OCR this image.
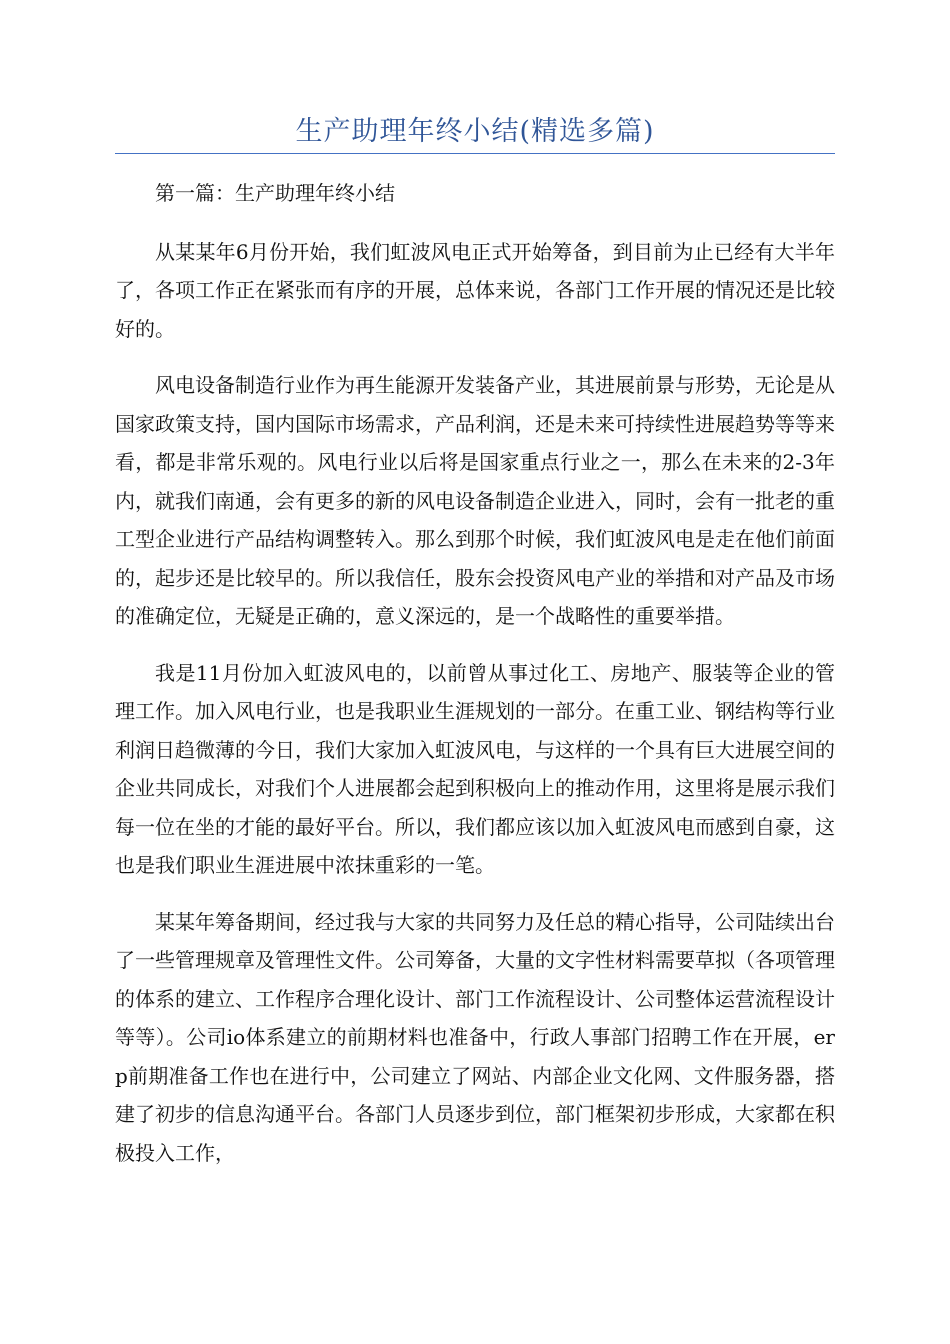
生产助理年终小结(精选多篇)

第一篇：生产助理年终小结

从某某年6月份开始，我们虹波风电正式开始筹备，到目前为止已经有大半年了，各项工作正在紧张而有序的开展，总体来说，各部门工作开展的情况还是比较好的。

风电设备制造行业作为再生能源开发装备产业，其进展前景与形势，无论是从国家政策支持，国内国际市场需求，产品利润，还是未来可持续性进展趋势等等来看，都是非常乐观的。风电行业以后将是国家重点行业之一，那么在未来的2-3年内，就我们南通，会有更多的新的风电设备制造企业进入，同时，会有一批老的重工型企业进行产品结构调整转入。那么到那个时候，我们虹波风电是走在他们前面的，起步还是比较早的。所以我信任，股东会投资风电产业的举措和对产品及市场的准确定位，无疑是正确的，意义深远的，是一个战略性的重要举措。

我是11月份加入虹波风电的，以前曾从事过化工、房地产、服装等企业的管理工作。加入风电行业，也是我职业生涯规划的一部分。在重工业、钢结构等行业利润日趋微薄的今日，我们大家加入虹波风电，与这样的一个具有巨大进展空间的企业共同成长，对我们个人进展都会起到积极向上的推动作用，这里将是展示我们每一位在坐的才能的最好平台。所以，我们都应该以加入虹波风电而感到自豪，这也是我们职业生涯进展中浓抹重彩的一笔。

某某年筹备期间，经过我与大家的共同努力及任总的精心指导，公司陆续出台了一些管理规章及管理性文件。公司筹备，大量的文字性材料需要草拟（各项管理的体系的建立、工作程序合理化设计、部门工作流程设计、公司整体运营流程设计等等）。公司io体系建立的前期材料也准备中，行政人事部门招聘工作在开展，erp前期准备工作也在进行中，公司建立了网站、内部企业文化网、文件服务器，搭建了初步的信息沟通平台。各部门人员逐步到位，部门框架初步形成，大家都在积极投入工作，
